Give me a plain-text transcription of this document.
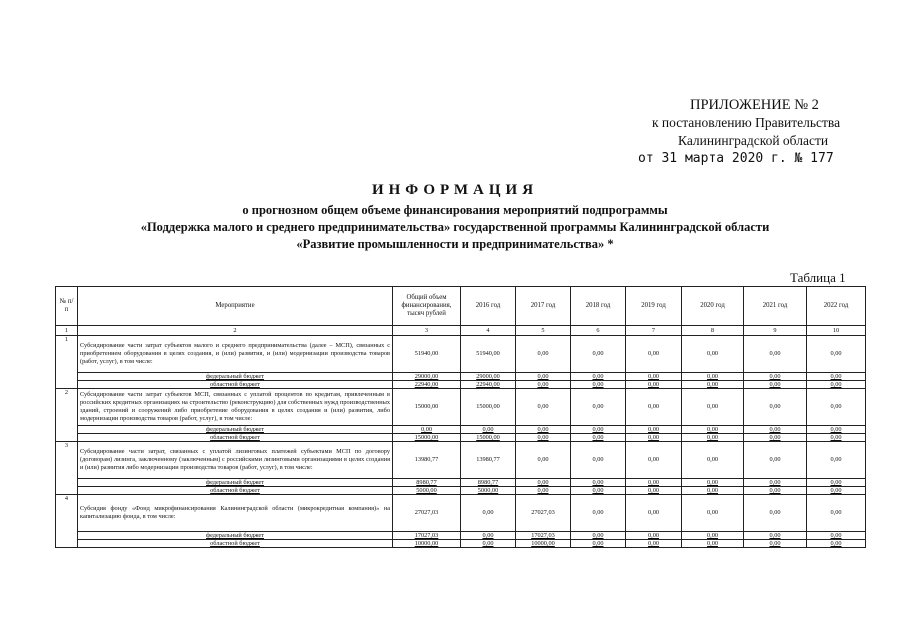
ПРИЛОЖЕНИЕ № 2
к постановлению Правительства
Калининградской области
от 31 марта 2020 г. № 177
ИНФОРМАЦИЯ
о прогнозном общем объеме финансирования мероприятий подпрограммы
«Поддержка малого и среднего предпринимательства» государственной программы Калининградской области
«Развитие промышленности и предпринимательства» *
Таблица 1
№ п/п	Мероприятие	Общий объем финансирования, тысяч рублей	2016 год	2017 год	2018 год	2019 год	2020 год	2021 год	2022 год
1	2	3	4	5	6	7	8	9	10
1	Субсидирование части затрат субъектов малого и среднего предпринимательства (далее – МСП), связанных с приобретением оборудования в целях создания, и (или) развития, и (или) модернизации производства товаров (работ, услуг), в том числе:	51940,00	51940,00	0,00	0,00	0,00	0,00	0,00	0,00
	федеральный бюджет	29000,00	29000,00	0,00	0,00	0,00	0,00	0,00	0,00
	областной бюджет	22940,00	22940,00	0,00	0,00	0,00	0,00	0,00	0,00
2	Субсидирование части затрат субъектов МСП, связанных с уплатой процентов по кредитам, привлеченным в российских кредитных организациях на строительство (реконструкцию) для собственных нужд производственных зданий, строений и сооружений либо приобретение оборудования в целях создания и (или) развития, либо модернизации производства товаров (работ, услуг), в том числе:	15000,00	15000,00	0,00	0,00	0,00	0,00	0,00	0,00
	федеральный бюджет	0,00	0,00	0,00	0,00	0,00	0,00	0,00	0,00
	областной бюджет	15000,00	15000,00	0,00	0,00	0,00	0,00	0,00	0,00
3	Субсидирование части затрат, связанных с уплатой лизинговых платежей субъектами МСП по договору (договорам) лизинга, заключенному (заключенным) с российскими лизинговыми организациями в целях создания и (или) развития либо модернизации производства товаров (работ, услуг), в том числе:	13980,77	13980,77	0,00	0,00	0,00	0,00	0,00	0,00
	федеральный бюджет	8980,77	8980,77	0,00	0,00	0,00	0,00	0,00	0,00
	областной бюджет	5000,00	5000,00	0,00	0,00	0,00	0,00	0,00	0,00
4	Субсидия фонду «Фонд микрофинансирования Калининградской области (микрокредитная компания)» на капитализацию фонда, в том числе:	27027,03	0,00	27027,03	0,00	0,00	0,00	0,00	0,00
	федеральный бюджет	17027,03	0,00	17027,03	0,00	0,00	0,00	0,00	0,00
	областной бюджет	10000,00	0,00	10000,00	0,00	0,00	0,00	0,00	0,00
